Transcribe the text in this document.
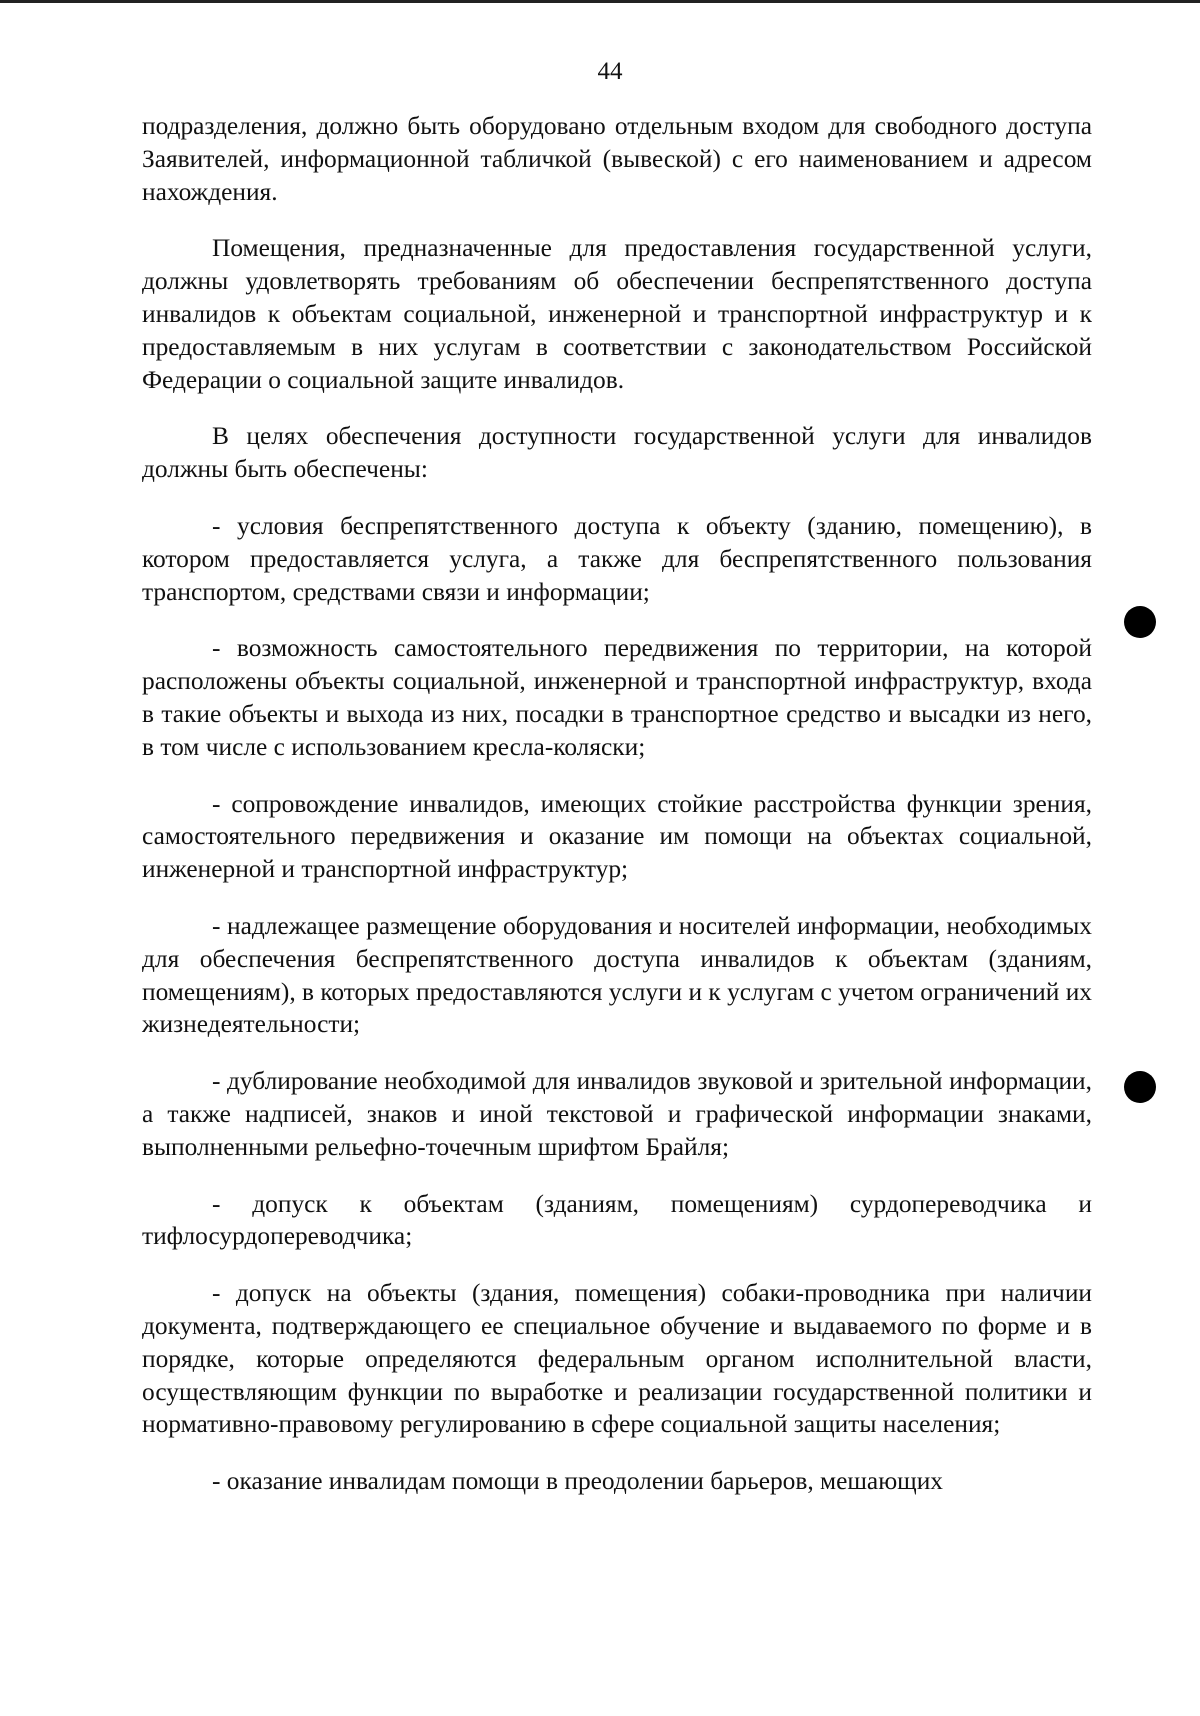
44

подразделения, должно быть оборудовано отдельным входом для свободного доступа Заявителей, информационной табличкой (вывеской) с его наименованием и адресом нахождения.

Помещения, предназначенные для предоставления государственной услуги, должны удовлетворять требованиям об обеспечении беспрепятственного доступа инвалидов к объектам социальной, инженерной и транспортной инфраструктур и к предоставляемым в них услугам в соответствии с законодательством Российской Федерации о социальной защите инвалидов.

В целях обеспечения доступности государственной услуги для инвалидов должны быть обеспечены:

- условия беспрепятственного доступа к объекту (зданию, помещению), в котором предоставляется услуга, а также для беспрепятственного пользования транспортом, средствами связи и информации;

- возможность самостоятельного передвижения по территории, на которой расположены объекты социальной, инженерной и транспортной инфраструктур, входа в такие объекты и выхода из них, посадки в транспортное средство и высадки из него, в том числе с использованием кресла-коляски;

- сопровождение инвалидов, имеющих стойкие расстройства функции зрения, самостоятельного передвижения и оказание им помощи на объектах социальной, инженерной и транспортной инфраструктур;

- надлежащее размещение оборудования и носителей информации, необходимых для обеспечения беспрепятственного доступа инвалидов к объектам (зданиям, помещениям), в которых предоставляются услуги и к услугам с учетом ограничений их жизнедеятельности;

- дублирование необходимой для инвалидов звуковой и зрительной информации, а также надписей, знаков и иной текстовой и графической информации знаками, выполненными рельефно-точечным шрифтом Брайля;

- допуск к объектам (зданиям, помещениям) сурдопереводчика и тифлосурдопереводчика;

- допуск на объекты (здания, помещения) собаки-проводника при наличии документа, подтверждающего ее специальное обучение и выдаваемого по форме и в порядке, которые определяются федеральным органом исполнительной власти, осуществляющим функции по выработке и реализации государственной политики и нормативно-правовому регулированию в сфере социальной защиты населения;

- оказание инвалидам помощи в преодолении барьеров, мешающих
